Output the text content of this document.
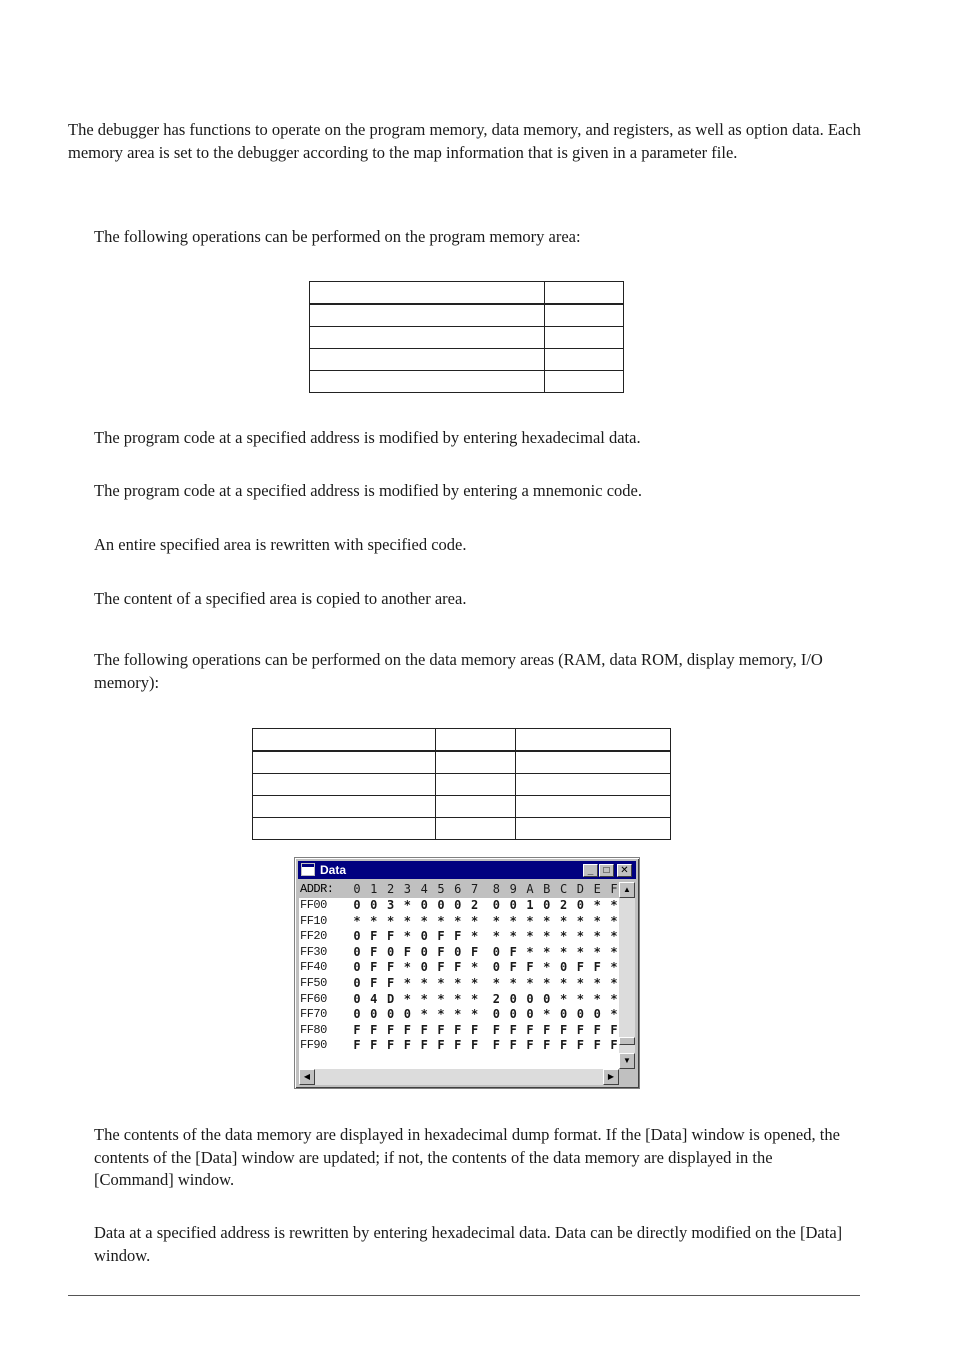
The debugger has functions to operate on the program memory, data memory, and registers, as well as option data. Each memory area is set to the debugger according to the map information that is given in a parameter file.

The following operations can be performed on the program memory area:

The program code at a specified address is modified by entering hexadecimal data.

The program code at a specified address is modified by entering a mnemonic code.

An entire specified area is rewritten with specified code.

The content of a specified area is copied to another area.

The following operations can be performed on the data memory areas (RAM, data ROM, display memory, I/O memory):

Data	_	□	✕
ADDR:	0 1 2 3 4 5 6 7	8 9 A B C D E F
FF00	0 0 3 * 0 0 0 2	0 0 1 0 2 0 * *
FF10	* * * * * * * *	* * * * * * * *
FF20	0 F F * 0 F F *	* * * * * * * *
FF30	0 F 0 F 0 F 0 F	0 F * * * * * *
FF40	0 F F * 0 F F *	0 F F * 0 F F *
FF50	0 F F * * * * *	* * * * * * * *
FF60	0 4 D * * * * *	2 0 0 0 * * * *
FF70	0 0 0 0 * * * *	0 0 0 * 0 0 0 *
FF80	F F F F F F F F	F F F F F F F F
FF90	F F F F F F F F	F F F F F F F F
▲
▼
◀	▶

The contents of the data memory are displayed in hexadecimal dump format. If the [Data] window is opened, the contents of the [Data] window are updated; if not, the contents of the data memory are displayed in the [Command] window.

Data at a specified address is rewritten by entering hexadecimal data. Data can be directly modified on the [Data] window.
